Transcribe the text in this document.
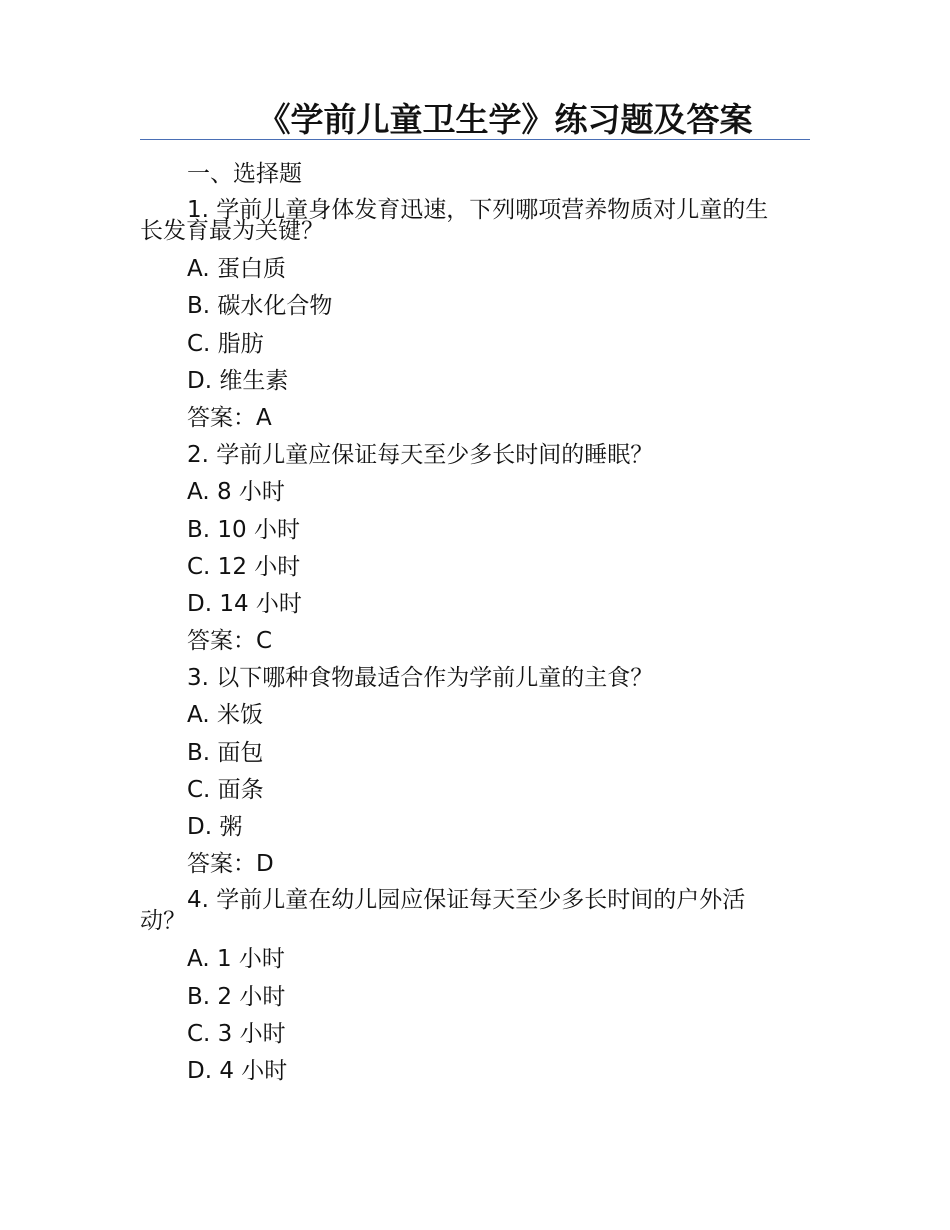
《学前儿童卫生学》练习题及答案
一、选择题
1. 学前儿童身体发育迅速，下列哪项营养物质对儿童的生
长发育最为关键？
A. 蛋白质
B. 碳水化合物
C. 脂肪
D. 维生素
答案：A
2. 学前儿童应保证每天至少多长时间的睡眠？
A. 8 小时
B. 10 小时
C. 12 小时
D. 14 小时
答案：C
3. 以下哪种食物最适合作为学前儿童的主食？
A. 米饭
B. 面包
C. 面条
D. 粥
答案：D
4. 学前儿童在幼儿园应保证每天至少多长时间的户外活
动？
A. 1 小时
B. 2 小时
C. 3 小时
D. 4 小时
